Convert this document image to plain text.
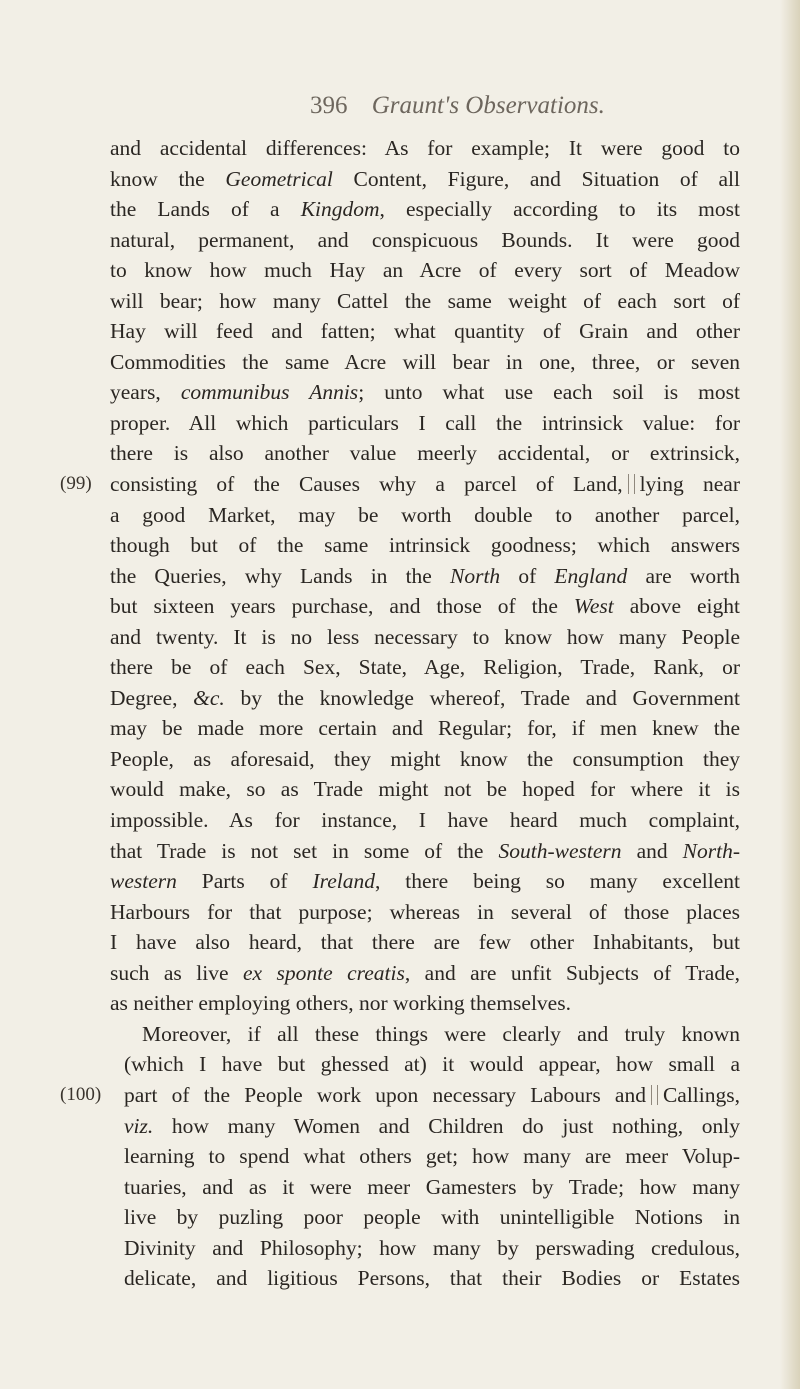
396 Graunt's Observations.
and accidental differences: As for example; It were good to
know the Geometrical Content, Figure, and Situation of all
the Lands of a Kingdom, especially according to its most
natural, permanent, and conspicuous Bounds. It were good
to know how much Hay an Acre of every sort of Meadow
will bear; how many Cattel the same weight of each sort of
Hay will feed and fatten; what quantity of Grain and other
Commodities the same Acre will bear in one, three, or seven
years, communibus Annis; unto what use each soil is most
proper. All which particulars I call the intrinsick value: for
there is also another value meerly accidental, or extrinsick,
(99) consisting of the Causes why a parcel of Land, lying near
a good Market, may be worth double to another parcel,
though but of the same intrinsick goodness; which answers
the Queries, why Lands in the North of England are worth
but sixteen years purchase, and those of the West above eight
and twenty. It is no less necessary to know how many People
there be of each Sex, State, Age, Religion, Trade, Rank, or
Degree, &c. by the knowledge whereof, Trade and Government
may be made more certain and Regular; for, if men knew the
People, as aforesaid, they might know the consumption they
would make, so as Trade might not be hoped for where it is
impossible. As for instance, I have heard much complaint,
that Trade is not set in some of the South-western and North-
western Parts of Ireland, there being so many excellent
Harbours for that purpose; whereas in several of those places
I have also heard, that there are few other Inhabitants, but
such as live ex sponte creatis, and are unfit Subjects of Trade,
as neither employing others, nor working themselves.
Moreover, if all these things were clearly and truly known
(which I have but ghessed at) it would appear, how small a
(100) part of the People work upon necessary Labours and Callings,
viz. how many Women and Children do just nothing, only
learning to spend what others get; how many are meer Volup-
tuaries, and as it were meer Gamesters by Trade; how many
live by puzling poor people with unintelligible Notions in
Divinity and Philosophy; how many by perswading credulous,
delicate, and ligitious Persons, that their Bodies or Estates
